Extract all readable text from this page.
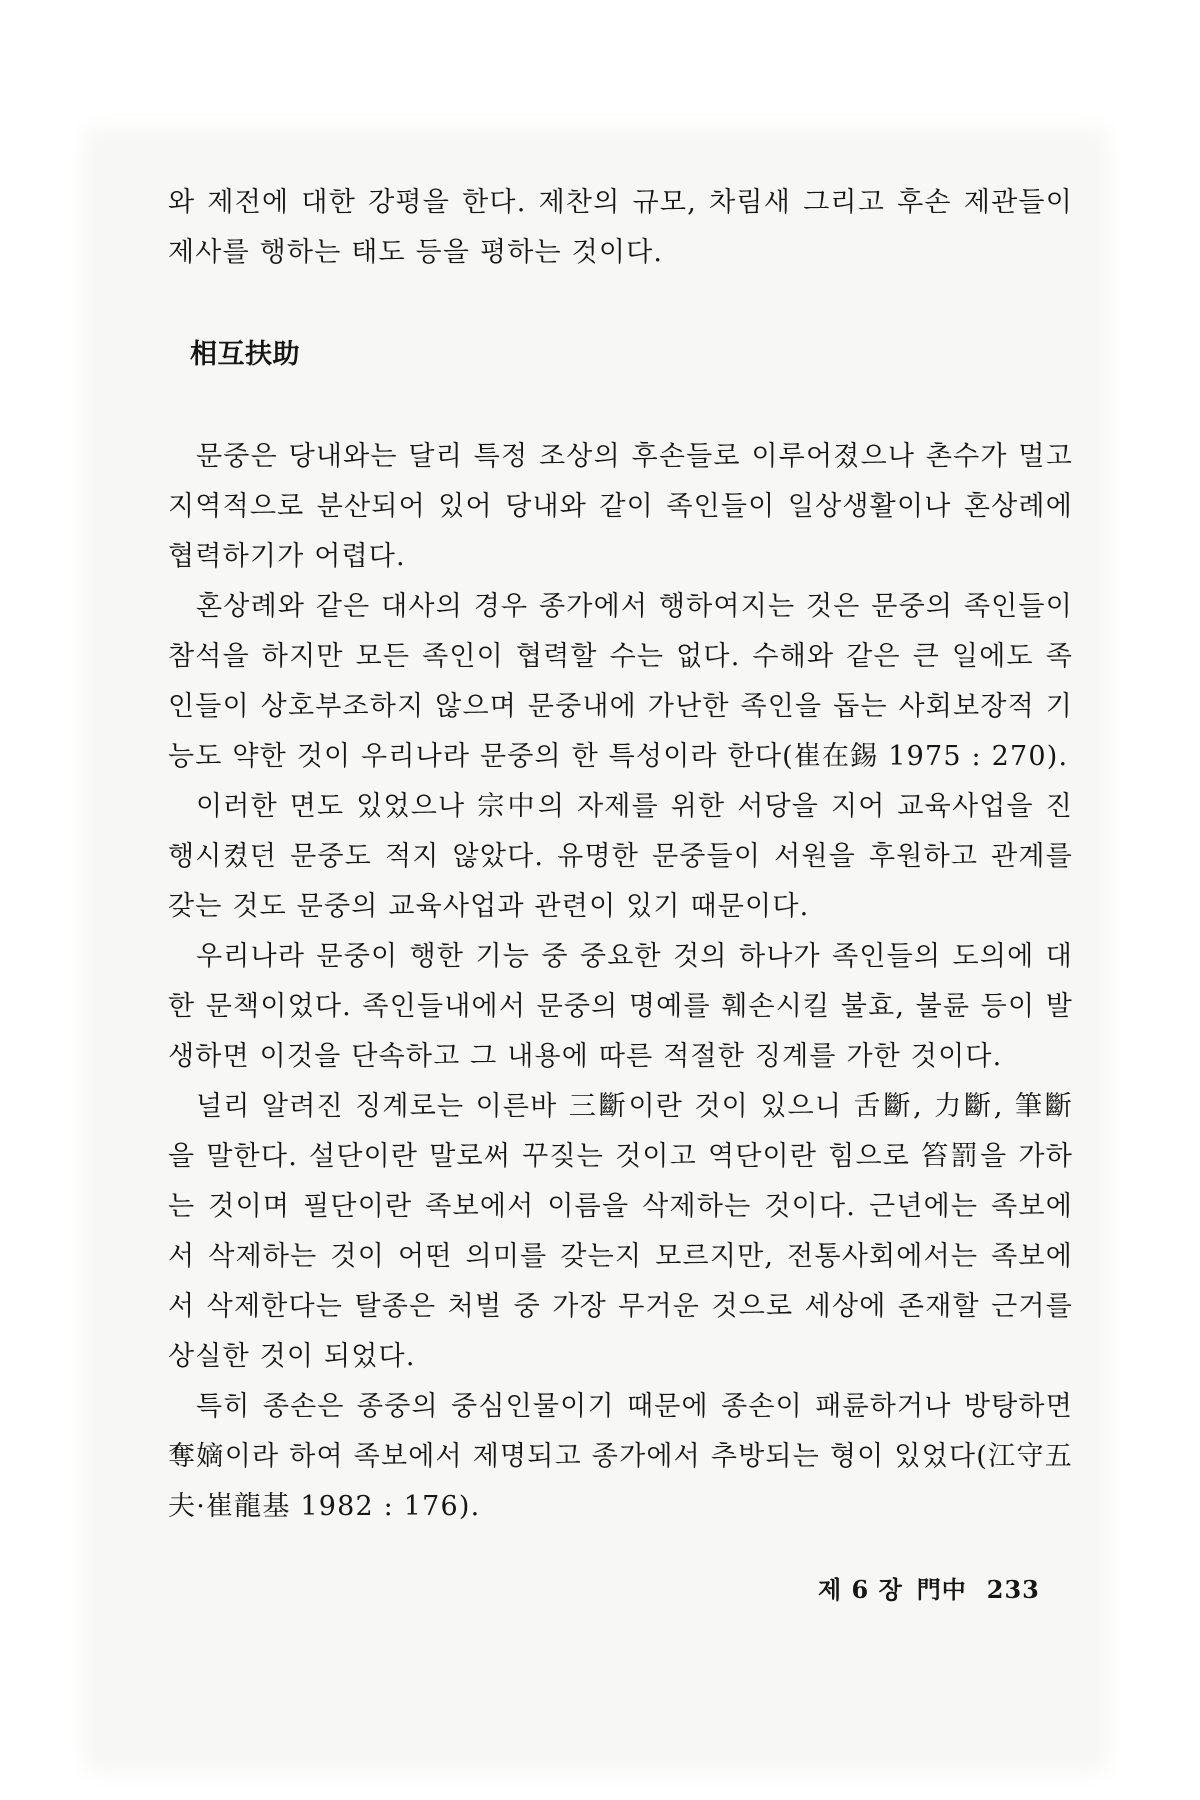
와 제전에 대한 강평을 한다. 제찬의 규모, 차림새 그리고 후손 제관들이 제사를 행하는 태도 등을 평하는 것이다.

相互扶助

문중은 당내와는 달리 특정 조상의 후손들로 이루어졌으나 촌수가 멀고 지역적으로 분산되어 있어 당내와 같이 족인들이 일상생활이나 혼상례에 협력하기가 어렵다.

혼상례와 같은 대사의 경우 종가에서 행하여지는 것은 문중의 족인들이 참석을 하지만 모든 족인이 협력할 수는 없다. 수해와 같은 큰 일에도 족인들이 상호부조하지 않으며 문중내에 가난한 족인을 돕는 사회보장적 기능도 약한 것이 우리나라 문중의 한 특성이라 한다(崔在錫 1975 : 270).

이러한 면도 있었으나 宗中의 자제를 위한 서당을 지어 교육사업을 진행시켰던 문중도 적지 않았다. 유명한 문중들이 서원을 후원하고 관계를 갖는 것도 문중의 교육사업과 관련이 있기 때문이다.

우리나라 문중이 행한 기능 중 중요한 것의 하나가 족인들의 도의에 대한 문책이었다. 족인들내에서 문중의 명예를 훼손시킬 불효, 불륜 등이 발생하면 이것을 단속하고 그 내용에 따른 적절한 징계를 가한 것이다.

널리 알려진 징계로는 이른바 三斷이란 것이 있으니 舌斷, 力斷, 筆斷을 말한다. 설단이란 말로써 꾸짖는 것이고 역단이란 힘으로 笞罰을 가하는 것이며 필단이란 족보에서 이름을 삭제하는 것이다. 근년에는 족보에서 삭제하는 것이 어떤 의미를 갖는지 모르지만, 전통사회에서는 족보에서 삭제한다는 탈종은 처벌 중 가장 무거운 것으로 세상에 존재할 근거를 상실한 것이 되었다.

특히 종손은 종중의 중심인물이기 때문에 종손이 패륜하거나 방탕하면 奪嫡이라 하여 족보에서 제명되고 종가에서 추방되는 형이 있었다(江守五夫·崔龍基 1982 : 176).

제 6 장 門中 233
